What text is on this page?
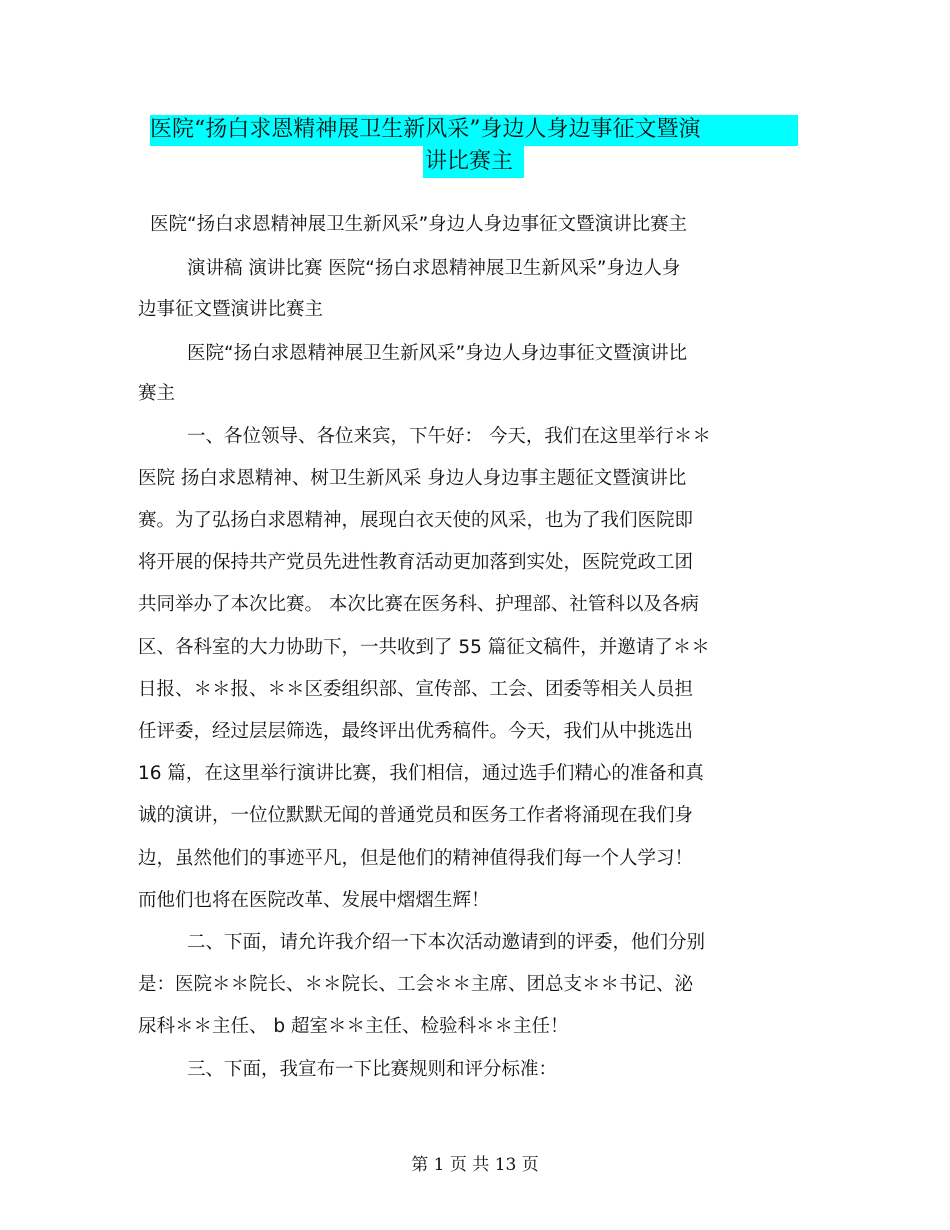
医院“扬白求恩精神展卫生新风采”身边人身边事征文暨演
讲比赛主
医院“扬白求恩精神展卫生新风采”身边人身边事征文暨演讲比赛主
演讲稿 演讲比赛 医院“扬白求恩精神展卫生新风采”身边人身
边事征文暨演讲比赛主
医院“扬白求恩精神展卫生新风采”身边人身边事征文暨演讲比
赛主
一、各位领导、各位来宾，下午好： 今天，我们在这里举行＊＊
医院 扬白求恩精神、树卫生新风采 身边人身边事主题征文暨演讲比
赛。为了弘扬白求恩精神，展现白衣天使的风采，也为了我们医院即
将开展的保持共产党员先进性教育活动更加落到实处，医院党政工团
共同举办了本次比赛。 本次比赛在医务科、护理部、社管科以及各病
区、各科室的大力协助下，一共收到了 55 篇征文稿件，并邀请了＊＊
日报、＊＊报、＊＊区委组织部、宣传部、工会、团委等相关人员担
任评委，经过层层筛选，最终评出优秀稿件。今天，我们从中挑选出
16 篇，在这里举行演讲比赛，我们相信，通过选手们精心的准备和真
诚的演讲，一位位默默无闻的普通党员和医务工作者将涌现在我们身
边，虽然他们的事迹平凡，但是他们的精神值得我们每一个人学习！
而他们也将在医院改革、发展中熠熠生辉！
二、下面，请允许我介绍一下本次活动邀请到的评委，他们分别
是：医院＊＊院长、＊＊院长、工会＊＊主席、团总支＊＊书记、泌
尿科＊＊主任、 b 超室＊＊主任、检验科＊＊主任！
三、下面，我宣布一下比赛规则和评分标准：
第 1 页 共 13 页
